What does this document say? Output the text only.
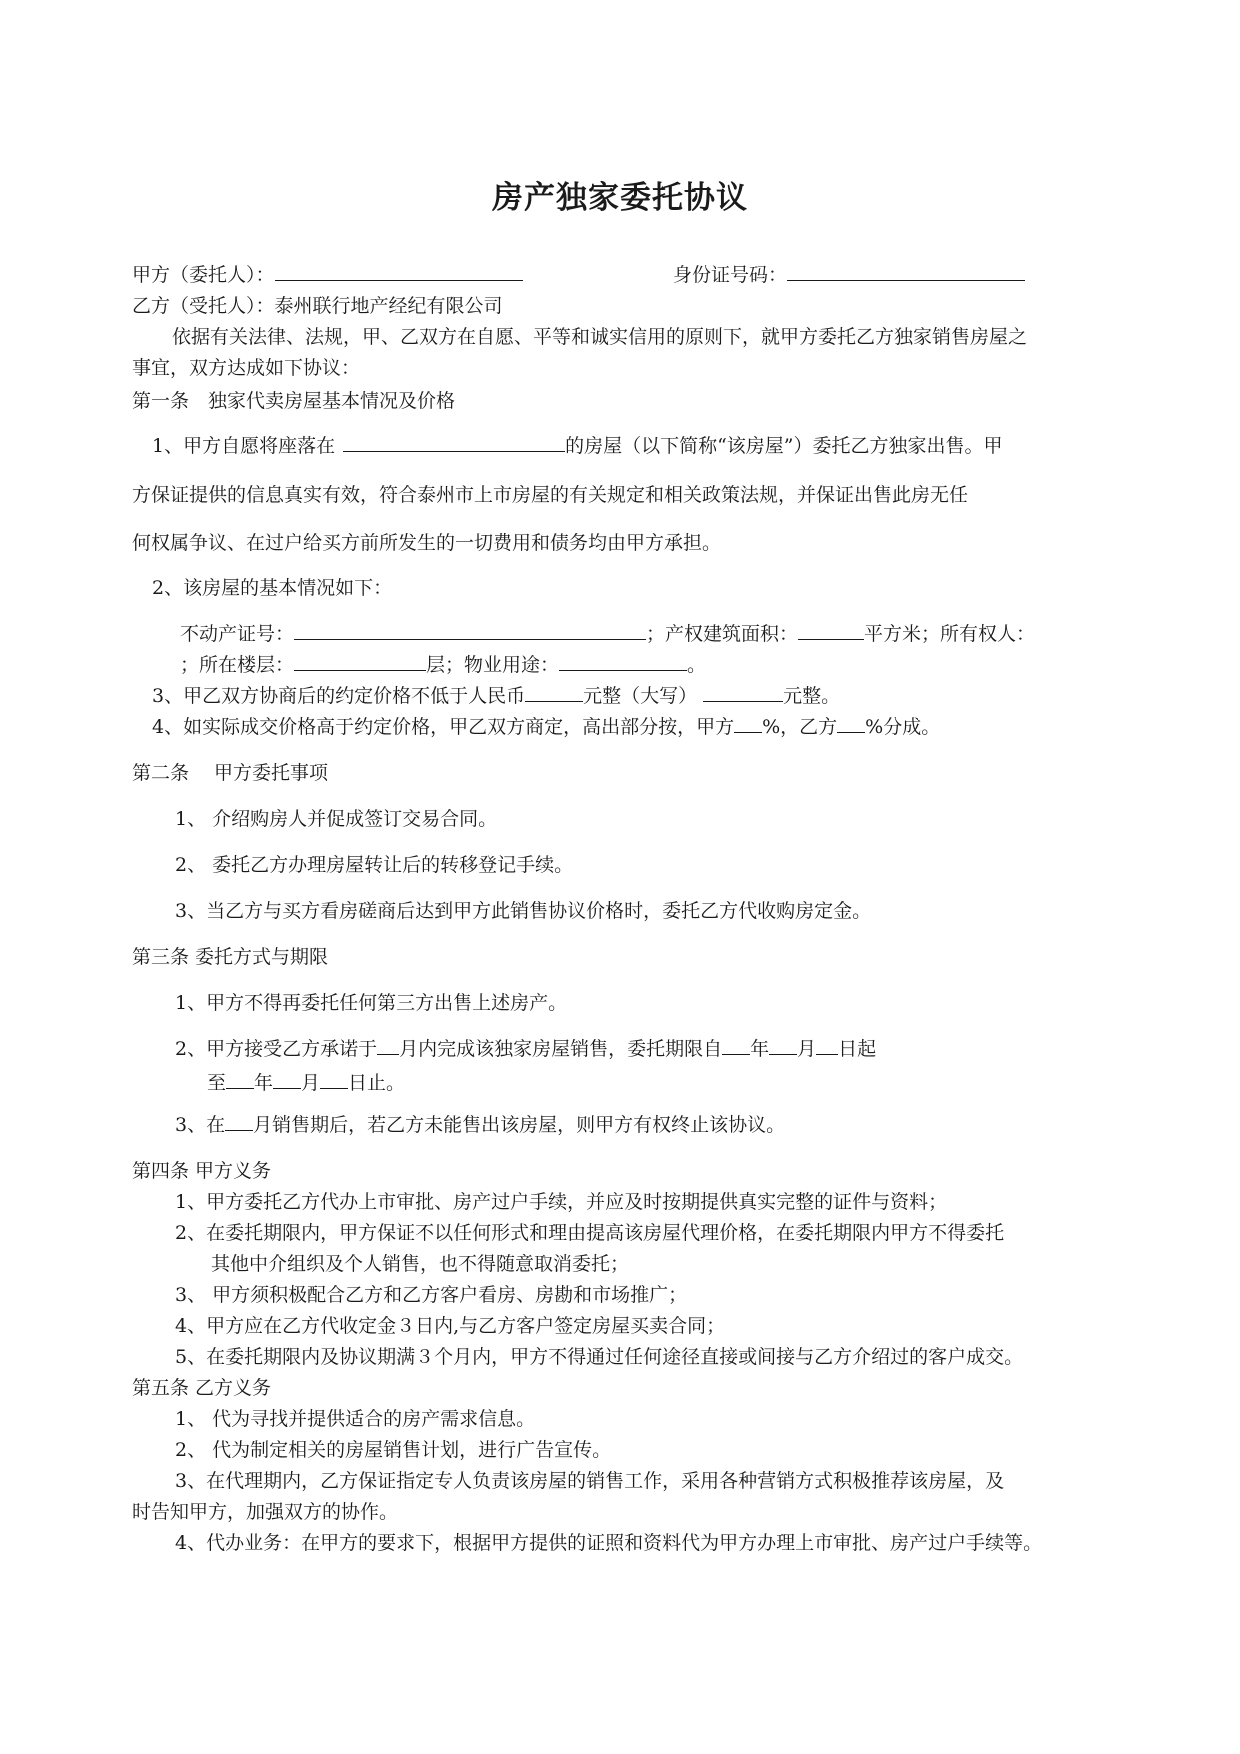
房产独家委托协议
甲方（委托人）：	身份证号码：
乙方（受托人）：泰州联行地产经纪有限公司
依据有关法律、法规，甲、乙双方在自愿、平等和诚实信用的原则下，就甲方委托乙方独家销售房屋之
事宜，双方达成如下协议：
第一条　独家代卖房屋基本情况及价格
1、甲方自愿将座落在	的房屋（以下简称“该房屋”）委托乙方独家出售。甲
方保证提供的信息真实有效，符合泰州市上市房屋的有关规定和相关政策法规，并保证出售此房无任
何权属争议、在过户给买方前所发生的一切费用和债务均由甲方承担。
2、该房屋的基本情况如下：
不动产证号：	；产权建筑面积：	平方米；所有权人：
；所在楼层：	层；物业用途：	。
3、甲乙双方协商后的约定价格不低于人民币	元整（大写）	元整。
4、如实际成交价格高于约定价格，甲乙双方商定，高出部分按，甲方 %，乙方 %分成。
第二条　 甲方委托事项
1、 介绍购房人并促成签订交易合同。
2、 委托乙方办理房屋转让后的转移登记手续。
3、当乙方与买方看房磋商后达到甲方此销售协议价格时，委托乙方代收购房定金。
第三条 委托方式与期限
1、甲方不得再委托任何第三方出售上述房产。
2、甲方接受乙方承诺于 月内完成该独家房屋销售，委托期限自 年 月 日起
至 年 月 日止。
3、在 月销售期后，若乙方未能售出该房屋，则甲方有权终止该协议。
第四条 甲方义务
1、甲方委托乙方代办上市审批、房产过户手续，并应及时按期提供真实完整的证件与资料；
2、在委托期限内，甲方保证不以任何形式和理由提高该房屋代理价格，在委托期限内甲方不得委托
其他中介组织及个人销售，也不得随意取消委托；
3、 甲方须积极配合乙方和乙方客户看房、房勘和市场推广；
4、甲方应在乙方代收定金３日内,与乙方客户签定房屋买卖合同；
5、在委托期限内及协议期满３个月内，甲方不得通过任何途径直接或间接与乙方介绍过的客户成交。
第五条 乙方义务
1、 代为寻找并提供适合的房产需求信息。
2、 代为制定相关的房屋销售计划，进行广告宣传。
3、在代理期内，乙方保证指定专人负责该房屋的销售工作，采用各种营销方式积极推荐该房屋，及
时告知甲方，加强双方的协作。
4、代办业务：在甲方的要求下，根据甲方提供的证照和资料代为甲方办理上市审批、房产过户手续等。
